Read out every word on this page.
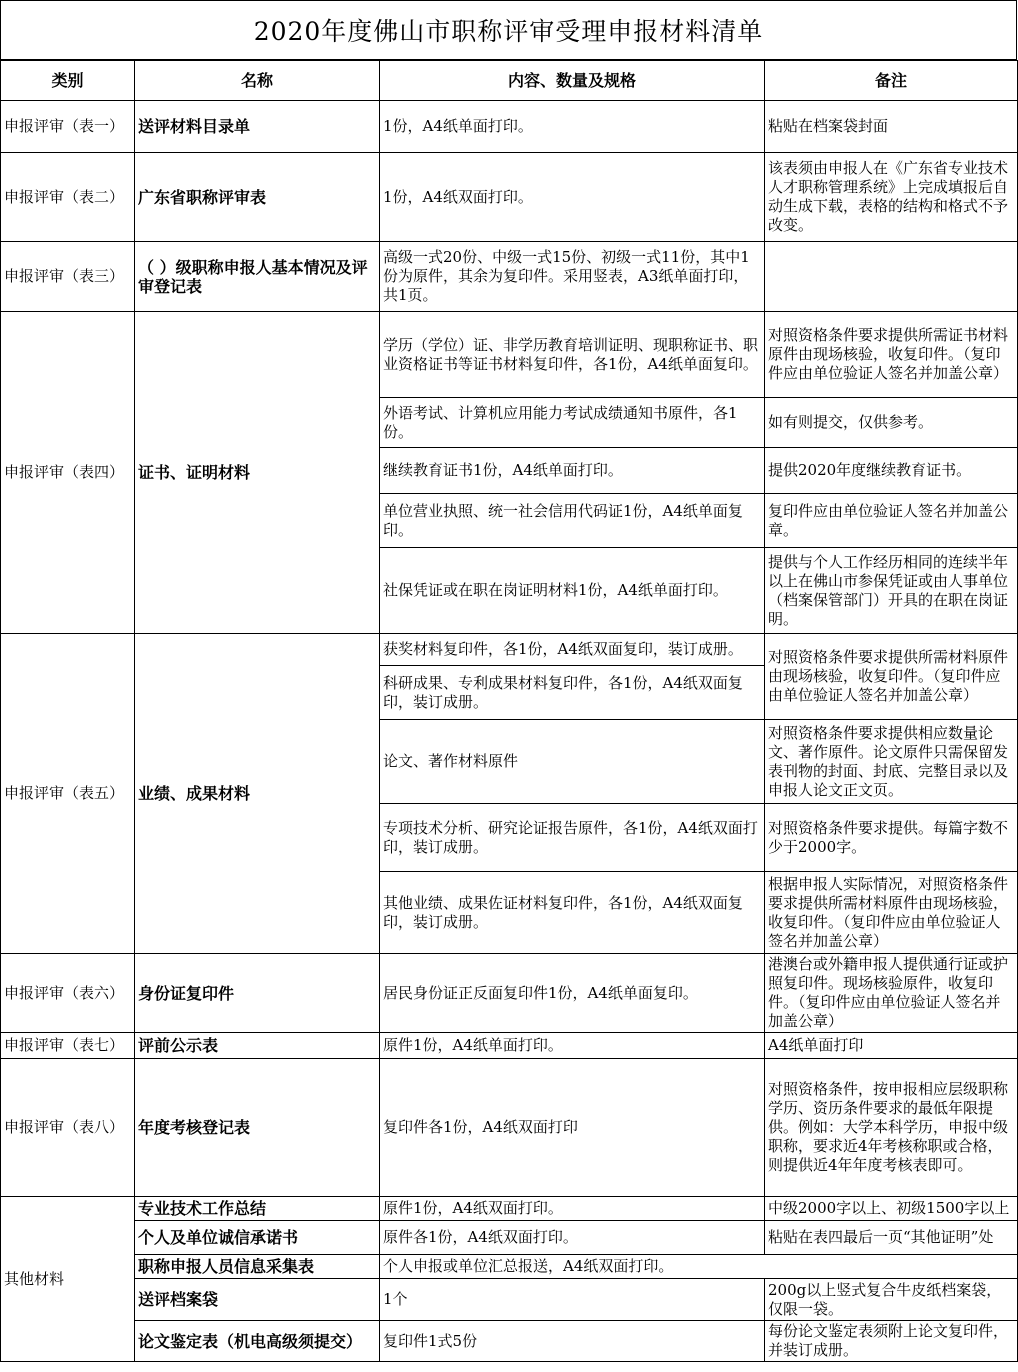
2020年度佛山市职称评审受理申报材料清单
类别	名称	内容、数量及规格	备注
申报评审（表一）	送评材料目录单	1份，A4纸单面打印。	粘贴在档案袋封面
申报评审（表二）	广东省职称评审表	1份，A4纸双面打印。	该表须由申报人在《广东省专业技术人才职称管理系统》上完成填报后自动生成下载，表格的结构和格式不予改变。
申报评审（表三）	（ ）级职称申报人基本情况及评审登记表	高级一式20份、中级一式15份、初级一式11份，其中1份为原件，其余为复印件。采用竖表，A3纸单面打印，共1页。	
申报评审（表四）	证书、证明材料	学历（学位）证、非学历教育培训证明、现职称证书、职业资格证书等证书材料复印件，各1份，A4纸单面复印。	对照资格条件要求提供所需证书材料原件由现场核验，收复印件。（复印件应由单位验证人签名并加盖公章）
		外语考试、计算机应用能力考试成绩通知书原件，各1份。	如有则提交，仅供参考。
		继续教育证书1份，A4纸单面打印。	提供2020年度继续教育证书。
		单位营业执照、统一社会信用代码证1份，A4纸单面复印。	复印件应由单位验证人签名并加盖公章。
		社保凭证或在职在岗证明材料1份，A4纸单面打印。	提供与个人工作经历相同的连续半年以上在佛山市参保凭证或由人事单位（档案保管部门）开具的在职在岗证明。
申报评审（表五）	业绩、成果材料	获奖材料复印件，各1份，A4纸双面复印，装订成册。	对照资格条件要求提供所需材料原件由现场核验，收复印件。（复印件应由单位验证人签名并加盖公章）
		科研成果、专利成果材料复印件，各1份，A4纸双面复印，装订成册。	
		论文、著作材料原件	对照资格条件要求提供相应数量论文、著作原件。论文原件只需保留发表刊物的封面、封底、完整目录以及申报人论文正文页。
		专项技术分析、研究论证报告原件，各1份，A4纸双面打印，装订成册。	对照资格条件要求提供。每篇字数不少于2000字。
		其他业绩、成果佐证材料复印件，各1份，A4纸双面复印，装订成册。	根据申报人实际情况，对照资格条件要求提供所需材料原件由现场核验，收复印件。（复印件应由单位验证人签名并加盖公章）
申报评审（表六）	身份证复印件	居民身份证正反面复印件1份，A4纸单面复印。	港澳台或外籍申报人提供通行证或护照复印件。现场核验原件，收复印件。（复印件应由单位验证人签名并加盖公章）
申报评审（表七）	评前公示表	原件1份，A4纸单面打印。	A4纸单面打印
申报评审（表八）	年度考核登记表	复印件各1份，A4纸双面打印	对照资格条件，按申报相应层级职称学历、资历条件要求的最低年限提供。例如：大学本科学历，申报中级职称，要求近4年考核称职或合格，则提供近4年年度考核表即可。
其他材料	专业技术工作总结	原件1份，A4纸双面打印。	中级2000字以上、初级1500字以上
	个人及单位诚信承诺书	原件各1份，A4纸双面打印。	粘贴在表四最后一页“其他证明”处
	职称申报人员信息采集表	个人申报或单位汇总报送，A4纸双面打印。	
	送评档案袋	1个	200g以上竖式复合牛皮纸档案袋，仅限一袋。
	论文鉴定表（机电高级须提交）	复印件1式5份	每份论文鉴定表须附上论文复印件，并装订成册。
